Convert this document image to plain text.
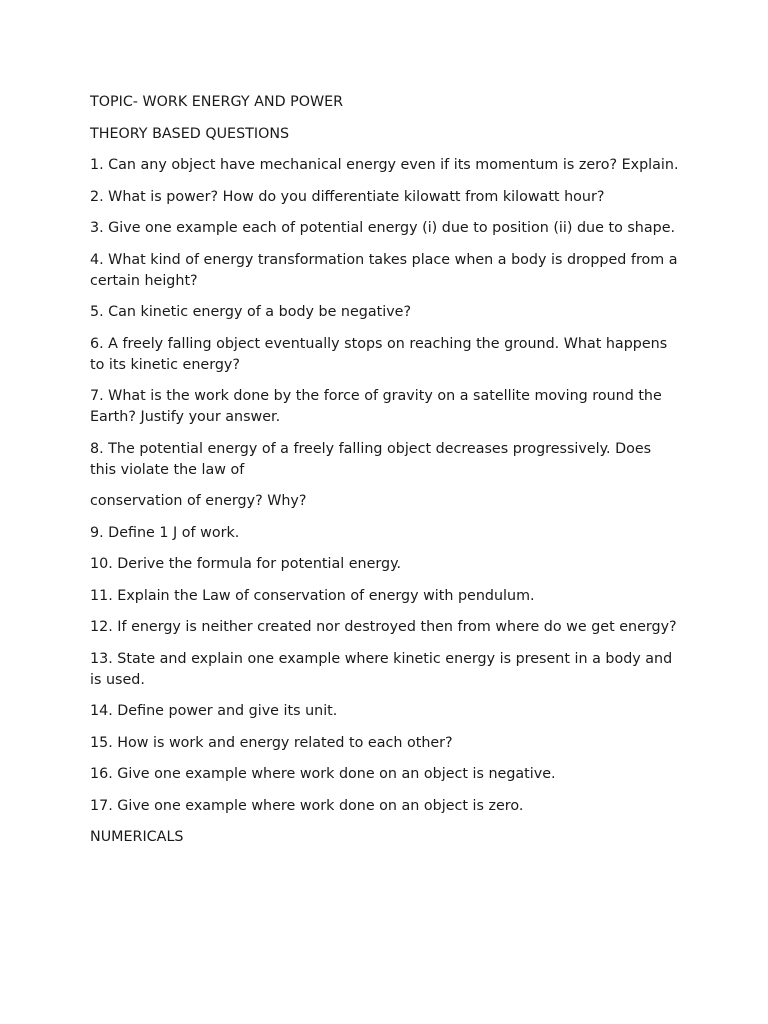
TOPIC- WORK ENERGY AND POWER

THEORY BASED QUESTIONS

1. Can any object have mechanical energy even if its momentum is zero? Explain.

2. What is power? How do you differentiate kilowatt from kilowatt hour?

3. Give one example each of potential energy (i) due to position (ii) due to shape.

4. What kind of energy transformation takes place when a body is dropped from a certain height?

5. Can kinetic energy of a body be negative?

6. A freely falling object eventually stops on reaching the ground. What happens to its kinetic energy?

7. What is the work done by the force of gravity on a satellite moving round the Earth? Justify your answer.

8. The potential energy of a freely falling object decreases progressively. Does this violate the law of

conservation of energy? Why?

9. Define 1 J of work.

10. Derive the formula for potential energy.

11. Explain the Law of conservation of energy with pendulum.

12. If energy is neither created nor destroyed then from where do we get energy?

13. State and explain one example where kinetic energy is present in a body and is used.

14. Define power and give its unit.

15. How is work and energy related to each other?

16. Give one example where work done on an object is negative.

17. Give one example where work done on an object is zero.

NUMERICALS
